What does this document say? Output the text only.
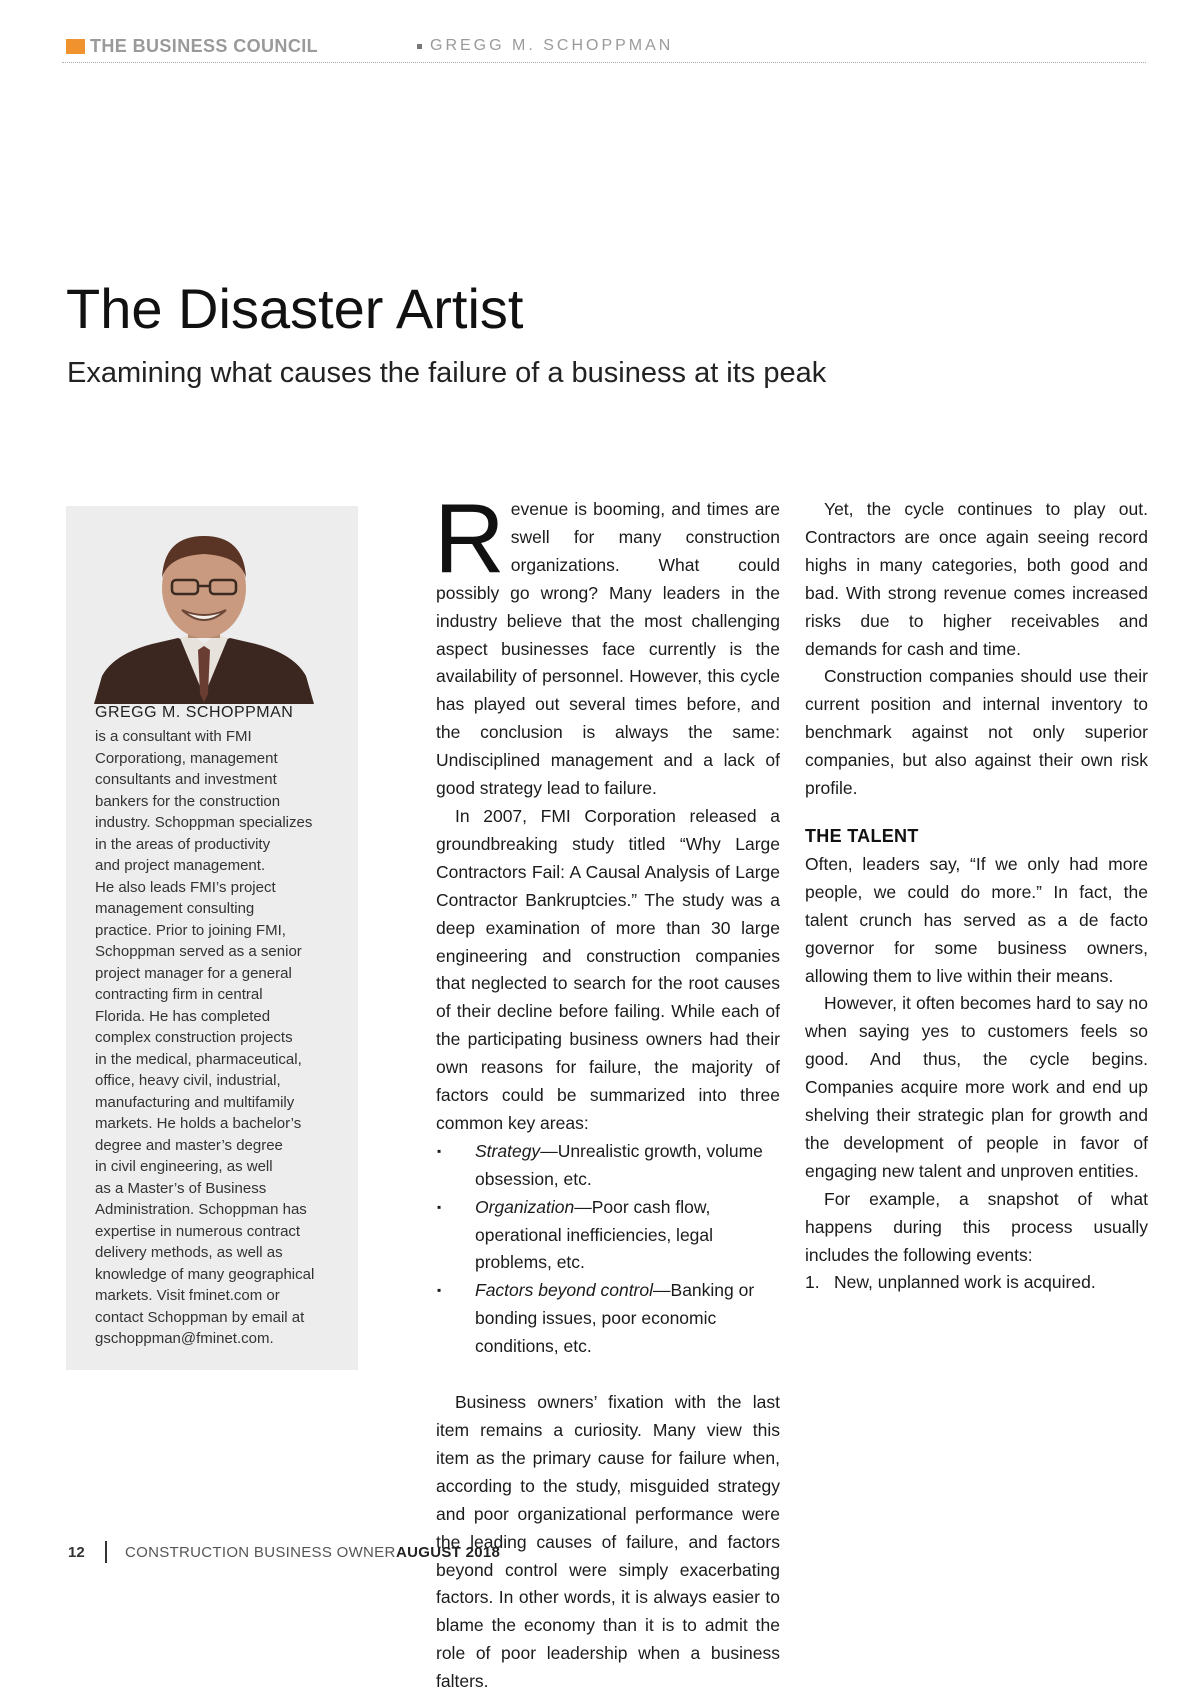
THE BUSINESS COUNCIL	GREGG M. SCHOPPMAN
The Disaster Artist
Examining what causes the failure of a business at its peak
GREGG M. SCHOPPMAN
is a consultant with FMI
Corporationg, management
consultants and investment
bankers for the construction
industry. Schoppman specializes
in the areas of productivity
and project management.
He also leads FMI’s project
management consulting
practice. Prior to joining FMI,
Schoppman served as a senior
project manager for a general
contracting firm in central
Florida. He has completed
complex construction projects
in the medical, pharmaceutical,
office, heavy civil, industrial,
manufacturing and multifamily
markets. He holds a bachelor’s
degree and master’s degree
in civil engineering, as well
as a Master’s of Business
Administration. Schoppman has
expertise in numerous contract
delivery methods, as well as
knowledge of many geographical
markets. Visit fminet.com or
contact Schoppman by email at
gschoppman@fminet.com.

Revenue is booming, and times are swell for many construction organizations. What could possibly go wrong? Many leaders in the industry believe that the most challenging aspect businesses face currently is the availability of personnel. However, this cycle has played out several times before, and the conclusion is always the same: Undisciplined management and a lack of good strategy lead to failure.

In 2007, FMI Corporation released a groundbreaking study titled “Why Large Contractors Fail: A Causal Analysis of Large Contractor Bankruptcies.” The study was a deep examination of more than 30 large engineering and construction companies that neglected to search for the root causes of their decline before failing. While each of the participating business owners had their own reasons for failure, the majority of factors could be summarized into three common key areas:

▪ Strategy—Unrealistic growth, volume obsession, etc.
▪ Organization—Poor cash flow, operational inefficiencies, legal problems, etc.
▪ Factors beyond control—Banking or bonding issues, poor economic conditions, etc.

Business owners’ fixation with the last item remains a curiosity. Many view this item as the primary cause for failure when, according to the study, misguided strategy and poor organizational performance were the leading causes of failure, and factors beyond control were simply exacerbating factors. In other words, it is always easier to blame the economy than it is to admit the role of poor leadership when a business falters.

Yet, the cycle continues to play out. Contractors are once again seeing record highs in many categories, both good and bad. With strong revenue comes increased risks due to higher receivables and demands for cash and time.

Construction companies should use their current position and internal inventory to benchmark against not only superior companies, but also against their own risk profile.

THE TALENT

Often, leaders say, “If we only had more people, we could do more.” In fact, the talent crunch has served as a de facto governor for some business owners, allowing them to live within their means.

However, it often becomes hard to say no when saying yes to customers feels so good. And thus, the cycle begins. Companies acquire more work and end up shelving their strategic plan for growth and the development of people in favor of engaging new talent and unproven entities.

For example, a snapshot of what happens during this process usually includes the following events:

1. New, unplanned work is acquired.
12	CONSTRUCTION BUSINESS OWNER AUGUST 2018
